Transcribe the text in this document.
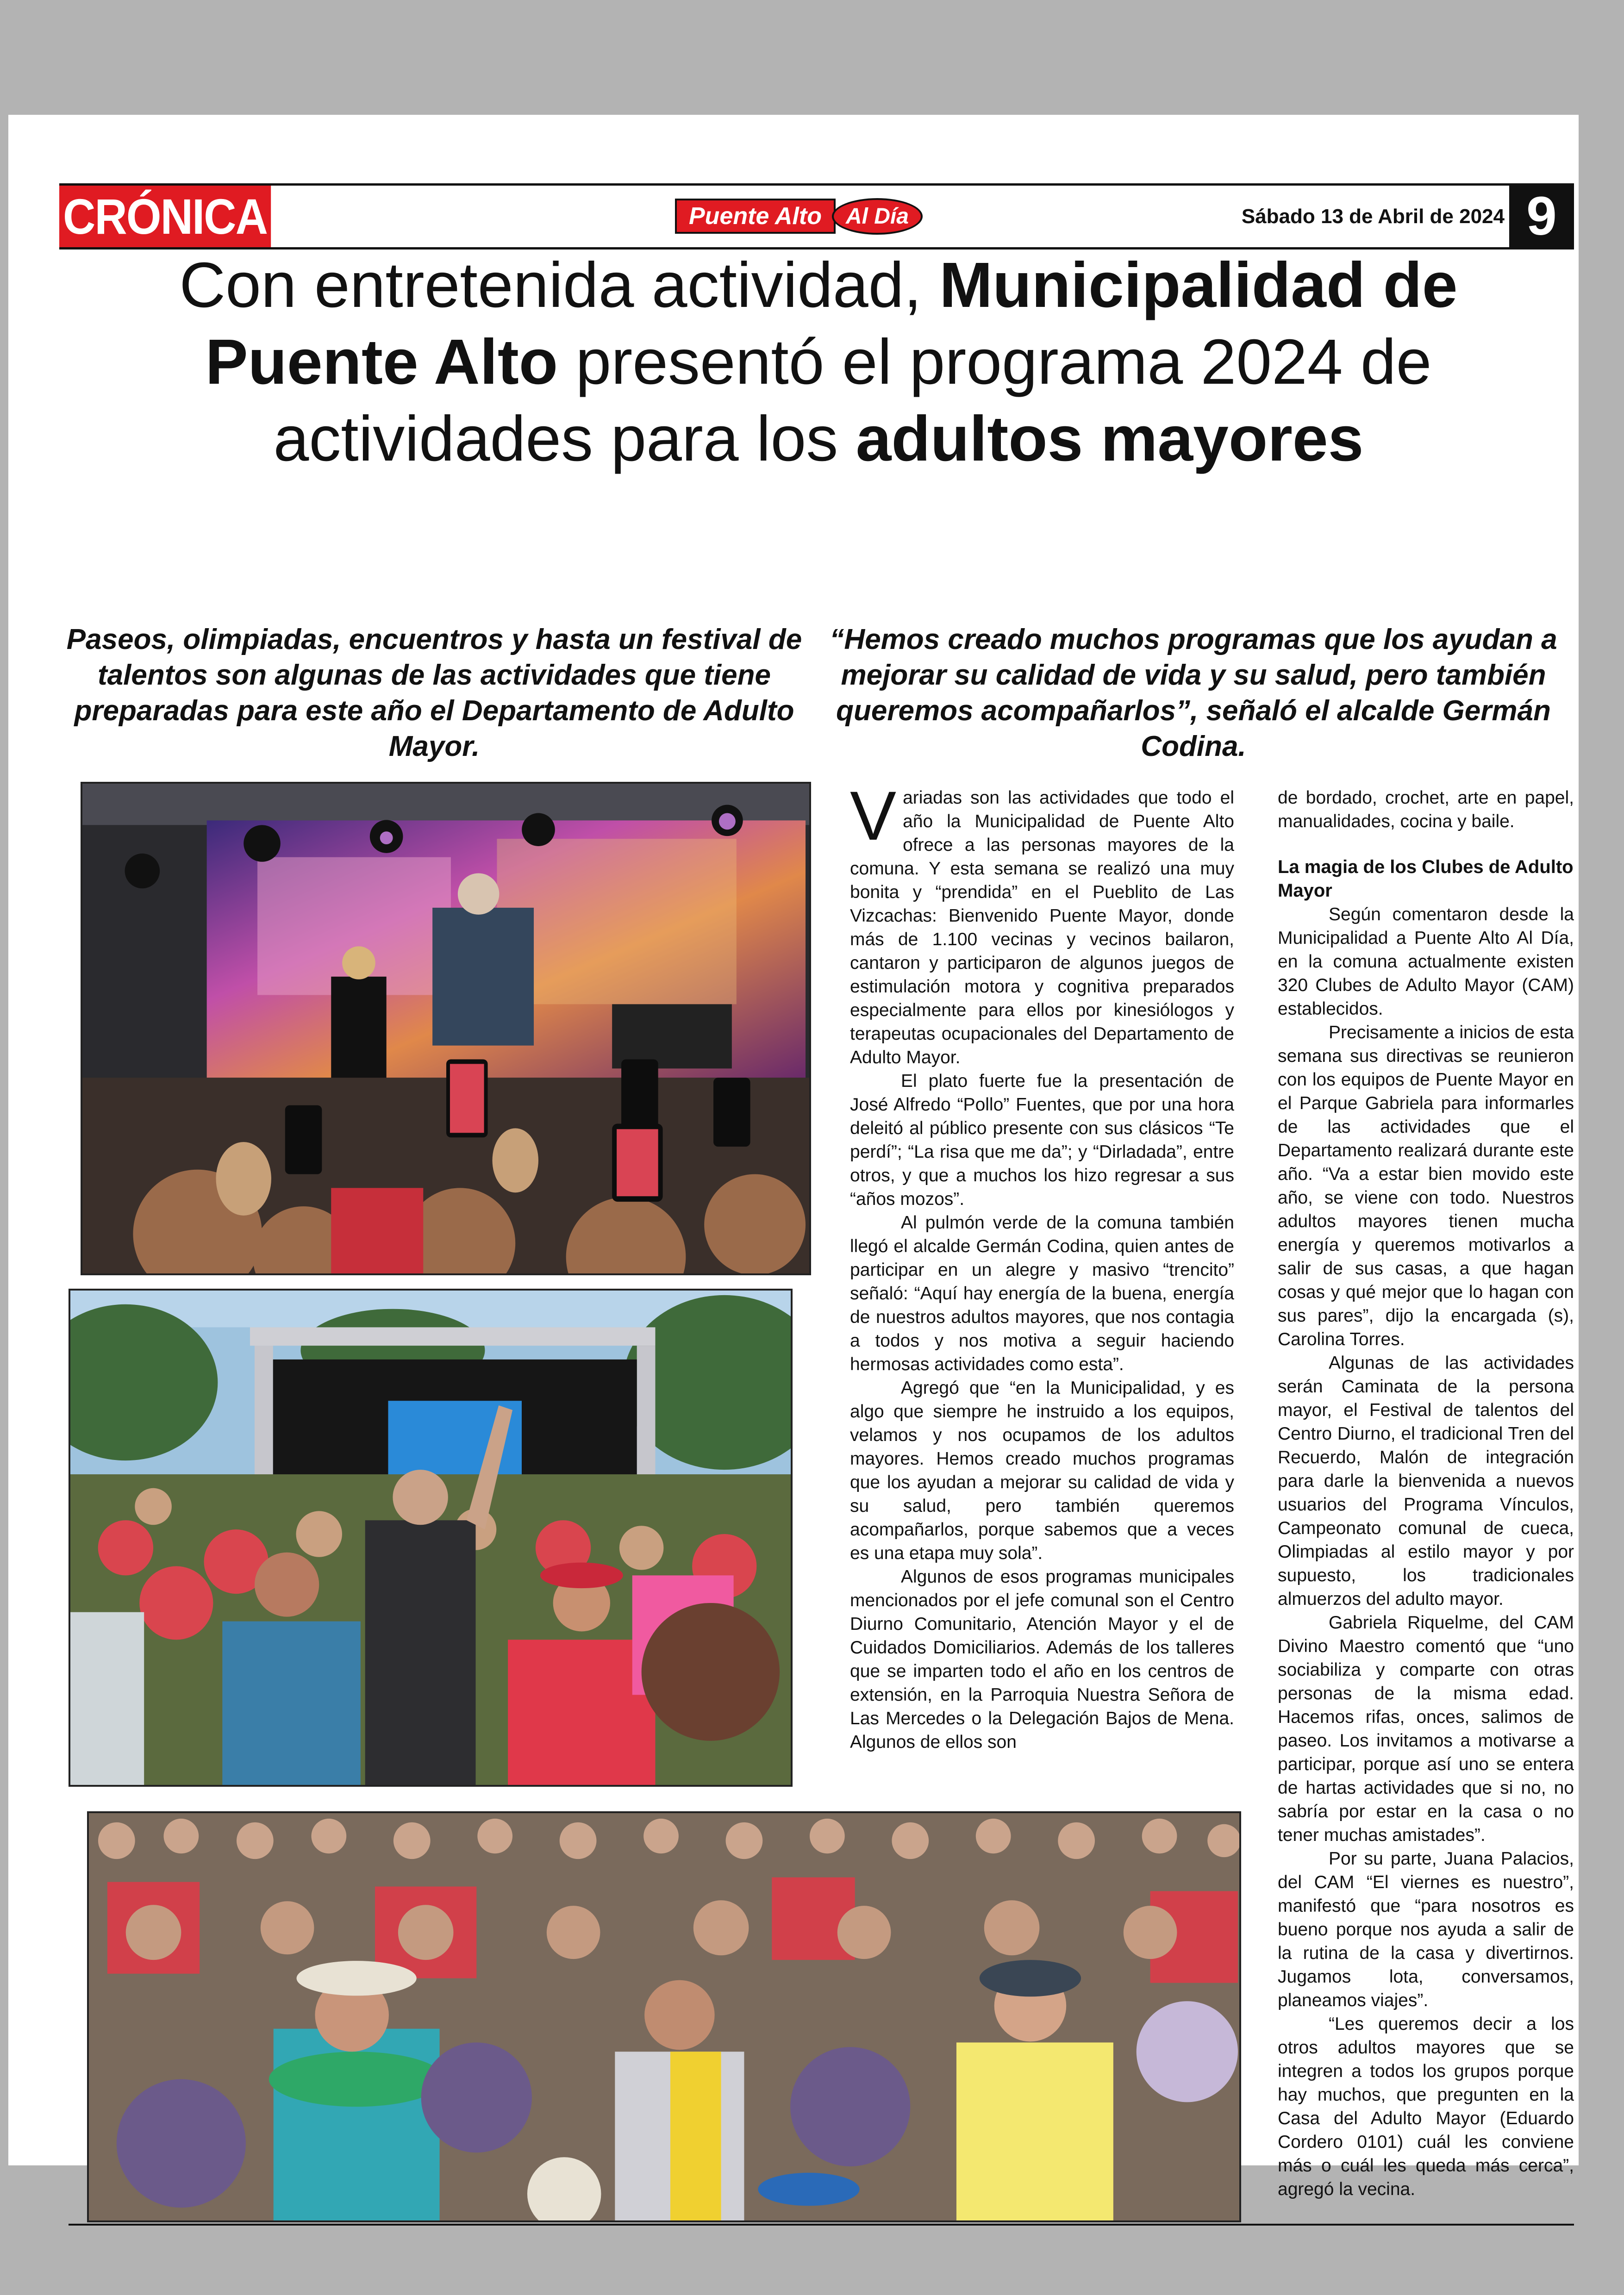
CRÓNICA	Puente Alto	Al Día	Sábado 13 de Abril de 2024 9
Con entretenida actividad, Municipalidad de Puente Alto presentó el programa 2024 de actividades para los adultos mayores
Paseos, olimpiadas, encuentros y hasta un festival de talentos son algunas de las actividades que tiene preparadas para este año el Departamento de Adulto Mayor.
“Hemos creado muchos programas que los ayudan a mejorar su calidad de vida y su salud, pero también queremos acompañarlos”, señaló el alcalde Germán Codina.

Variadas son las actividades que todo el año la Municipalidad de Puente Alto ofrece a las personas mayores de la comuna. Y esta semana se realizó una muy bonita y “prendida” en el Pueblito de Las Vizcachas: Bienvenido Puente Mayor, donde más de 1.100 vecinas y vecinos bailaron, cantaron y participaron de algunos juegos de estimulación motora y cognitiva preparados especialmente para ellos por kinesiólogos y terapeutas ocupacionales del Departamento de Adulto Mayor.

El plato fuerte fue la presentación de José Alfredo “Pollo” Fuentes, que por una hora deleitó al público presente con sus clásicos “Te perdí”; “La risa que me da”; y “Dirladada”, entre otros, y que a muchos los hizo regresar a sus “años mozos”.

Al pulmón verde de la comuna también llegó el alcalde Germán Codina, quien antes de participar en un alegre y masivo “trencito” señaló: “Aquí hay energía de la buena, energía de nuestros adultos mayores, que nos contagia a todos y nos motiva a seguir haciendo hermosas actividades como esta”.

Agregó que “en la Municipalidad, y es algo que siempre he instruido a los equipos, velamos y nos ocupamos de los adultos mayores. Hemos creado muchos programas que los ayudan a mejorar su calidad de vida y su salud, pero también queremos acompañarlos, porque sabemos que a veces es una etapa muy sola”.

Algunos de esos programas municipales mencionados por el jefe comunal son el Centro Diurno Comunitario, Atención Mayor y el de Cuidados Domiciliarios. Además de los talleres que se imparten todo el año en los centros de extensión, en la Parroquia Nuestra Señora de Las Mercedes o la Delegación Bajos de Mena. Algunos de ellos son

de bordado, crochet, arte en papel, manualidades, cocina y baile.

La magia de los Clubes de Adulto Mayor

Según comentaron desde la Municipalidad a Puente Alto Al Día, en la comuna actualmente existen 320 Clubes de Adulto Mayor (CAM) establecidos.

Precisamente a inicios de esta semana sus directivas se reunieron con los equipos de Puente Mayor en el Parque Gabriela para informarles de las actividades que el Departamento realizará durante este año. “Va a estar bien movido este año, se viene con todo. Nuestros adultos mayores tienen mucha energía y queremos motivarlos a salir de sus casas, a que hagan cosas y qué mejor que lo hagan con sus pares”, dijo la encargada (s), Carolina Torres.

Algunas de las actividades serán Caminata de la persona mayor, el Festival de talentos del Centro Diurno, el tradicional Tren del Recuerdo, Malón de integración para darle la bienvenida a nuevos usuarios del Programa Vínculos, Campeonato comunal de cueca, Olimpiadas al estilo mayor y por supuesto, los tradicionales almuerzos del adulto mayor.

Gabriela Riquelme, del CAM Divino Maestro comentó que “uno sociabiliza y comparte con otras personas de la misma edad. Hacemos rifas, onces, salimos de paseo. Los invitamos a motivarse a participar, porque así uno se entera de hartas actividades que si no, no sabría por estar en la casa o no tener muchas amistades”.

Por su parte, Juana Palacios, del CAM “El viernes es nuestro”, manifestó que “para nosotros es bueno porque nos ayuda a salir de la rutina de la casa y divertirnos. Jugamos lota, conversamos, planeamos viajes”.

“Les queremos decir a los otros adultos mayores que se integren a todos los grupos porque hay muchos, que pregunten en la Casa del Adulto Mayor (Eduardo Cordero 0101) cuál les conviene más o cuál les queda más cerca”, agregó la vecina.
